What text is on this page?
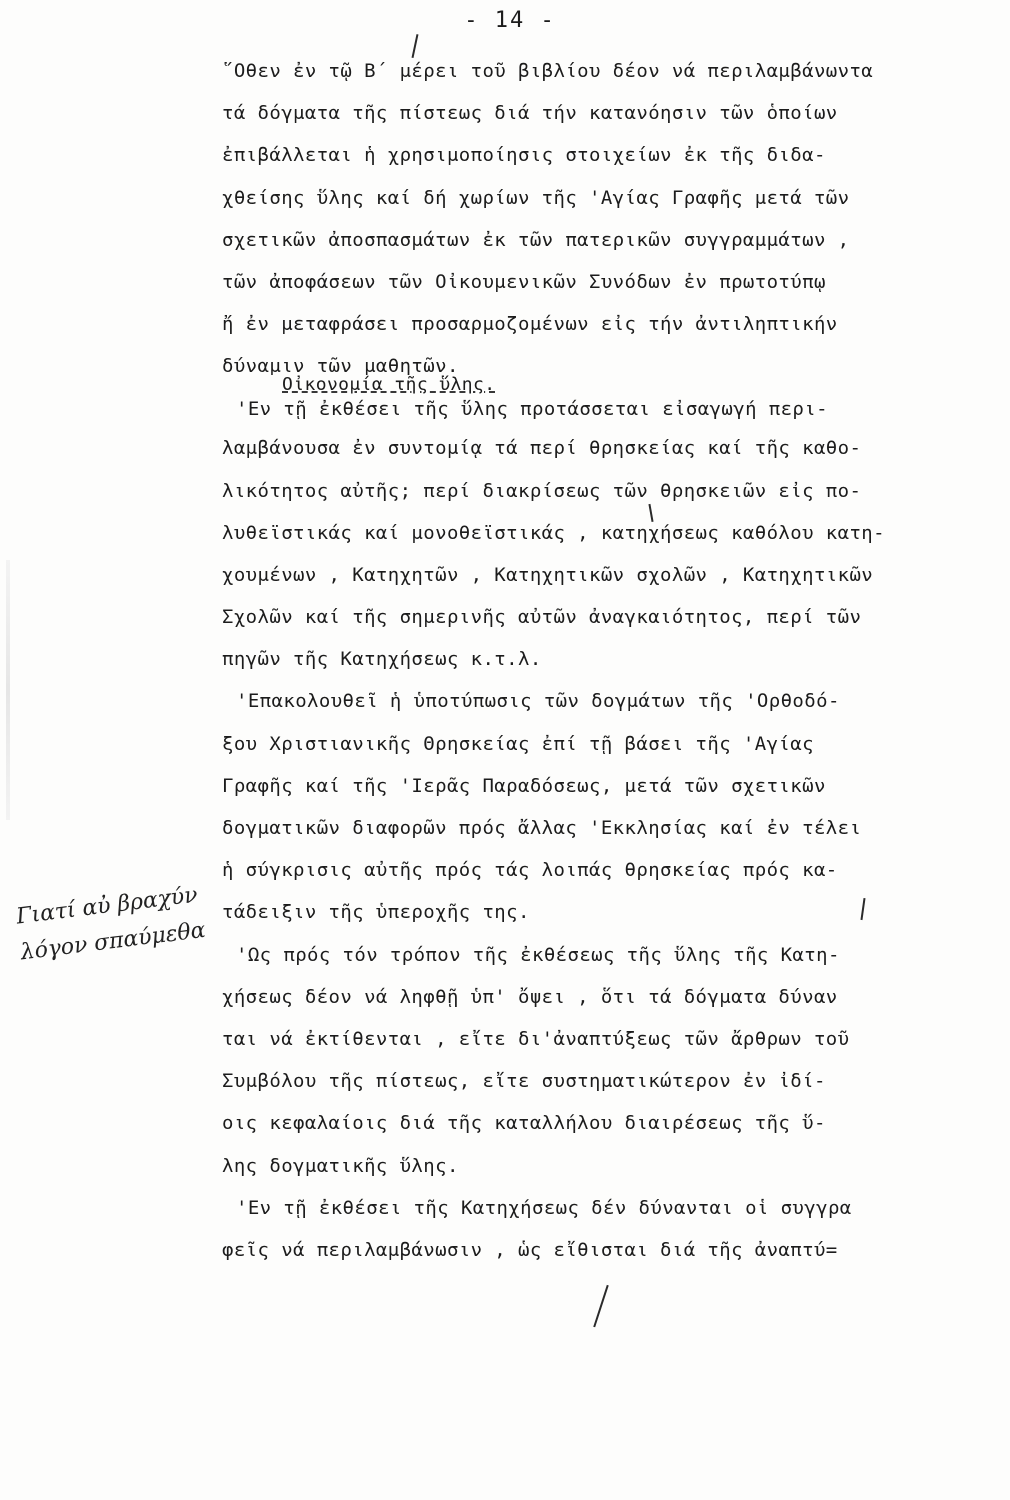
- 14 -
῞Οθεν ἐν τῷ Β΄ μέρει τοῦ βιβλίου δέον νά περιλαμβάνωντα
τά δόγματα τῆς πίστεως διά τήν κατανόησιν τῶν ὁποίων
ἐπιβάλλεται ἡ χρησιμοποίησις στοιχείων ἐκ τῆς διδα-
χθείσης ὕλης καί δή χωρίων τῆς 'Αγίας Γραφῆς μετά τῶν
σχετικῶν ἀποσπασμάτων ἐκ τῶν πατερικῶν συγγραμμάτων ,
τῶν ἀποφάσεων τῶν Οἰκουμενικῶν Συνόδων ἐν πρωτοτύπῳ
ἤ ἐν μεταφράσει προσαρμοζομένων εἰς τήν ἀντιληπτικήν
δύναμιν τῶν μαθητῶν.
Οἰκονομία τῆς ὕλης.
'Εν τῇ ἐκθέσει τῆς ὕλης προτάσσεται εἰσαγωγή περι-
λαμβάνουσα ἐν συντομίᾳ τά περί θρησκείας καί τῆς καθο-
λικότητος αὐτῆς; περί διακρίσεως τῶν θρησκειῶν εἰς πο-
λυθεϊστικάς καί μονοθεϊστικάς , κατηχήσεως καθόλου κατη-
χουμένων , Κατηχητῶν , Κατηχητικῶν σχολῶν , Κατηχητικῶν
Σχολῶν καί τῆς σημερινῆς αὐτῶν ἀναγκαιότητος, περί τῶν
πηγῶν τῆς Κατηχήσεως κ.τ.λ.
'Επακολουθεῖ ἡ ὑποτύπωσις τῶν δογμάτων τῆς 'Ορθοδό-
ξου Χριστιανικῆς Θρησκείας ἐπί τῇ βάσει τῆς 'Αγίας
Γραφῆς καί τῆς 'Ιερᾶς Παραδόσεως, μετά τῶν σχετικῶν
δογματικῶν διαφορῶν πρός ἄλλας 'Εκκλησίας καί ἐν τέλει
ἡ σύγκρισις αὐτῆς πρός τάς λοιπάς θρησκείας πρός κα-
τάδειξιν τῆς ὑπεροχῆς της.
'Ως πρός τόν τρόπον τῆς ἐκθέσεως τῆς ὕλης τῆς Κατη-
χήσεως δέον νά ληφθῇ ὑπ' ὄψει , ὅτι τά δόγματα δύναν
ται νά ἐκτίθενται , εἴτε δι'ἀναπτύξεως τῶν ἄρθρων τοῦ
Συμβόλου τῆς πίστεως, εἴτε συστηματικώτερον ἐν ἰδί-
οις κεφαλαίοις διά τῆς καταλλήλου διαιρέσεως τῆς ὕ-
λης δογματικῆς ὕλης.
'Εν τῇ ἐκθέσει τῆς Κατηχήσεως δέν δύνανται οἱ συγγρα
φεῖς νά περιλαμβάνωσιν , ὡς εἴθισται διά τῆς ἀναπτύ=
Γιατί αὐ βραχύν
λόγον σπαύμεθα
